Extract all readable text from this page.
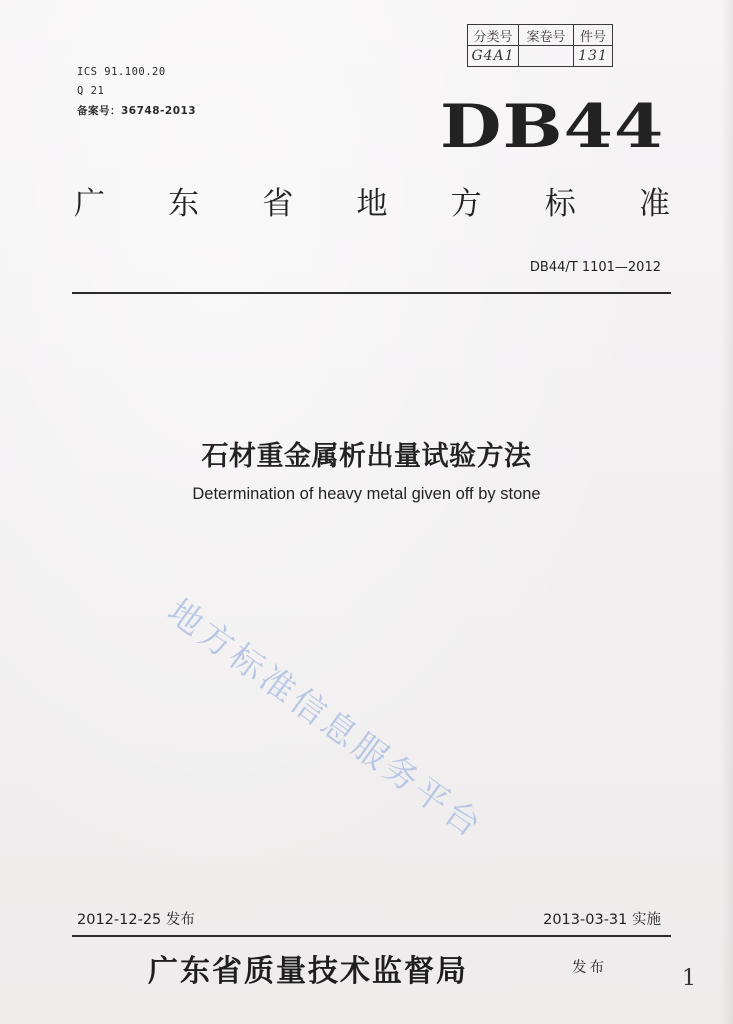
ICS 91.100.20
Q 21
备案号：36748-2013
分类号	案卷号	件号
G4A1		131
DB44
广 东 省 地 方 标 准
DB44/T 1101—2012
石材重金属析出量试验方法
Determination of heavy metal given off by stone
地方标准信息服务平台
2012-12-25 发布	2013-03-31 实施
广东省质量技术监督局	发布	1
